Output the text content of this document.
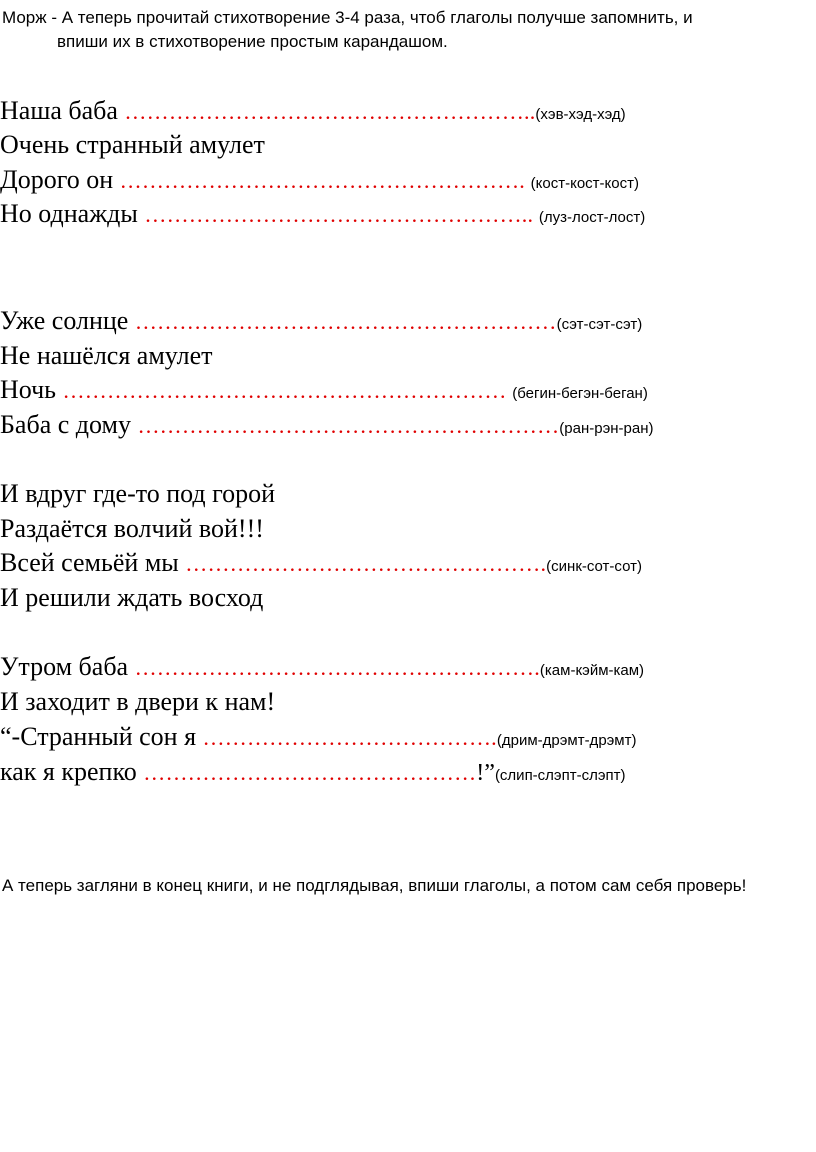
Морж - А теперь прочитай стихотворение 3-4 раза, чтоб глаголы получше запомнить, и
впиши их в стихотворение простым карандашом.
Наша баба ………………………………………………..(хэв-хэд-хэд)
Очень странный амулет
Дорого он ………………………………………………. (кост-кост-кост)
Но однажды …………………………………………….. (луз-лост-лост)
Уже солнце …………………………………………………(сэт-сэт-сэт)
Не нашёлся амулет
Ночь …………………………………………………… (бегин-бегэн-беган)
Баба с дому …………………………………………………(ран-рэн-ран)
И вдруг где-то под горой
Раздаётся волчий вой!!!
Всей семьёй мы ………………………………………….(синк-сот-сот)
И решили ждать восход
Утром баба ……………………………………………….(кам-кэйм-кам)
И заходит в двери к нам!
“-Странный сон я ………………………………….(дрим-дрэмт-дрэмт)
как я крепко ………………………………………!”(слип-слэпт-слэпт)
А теперь загляни в конец книги, и не подглядывая, впиши глаголы, а потом сам себя проверь!
